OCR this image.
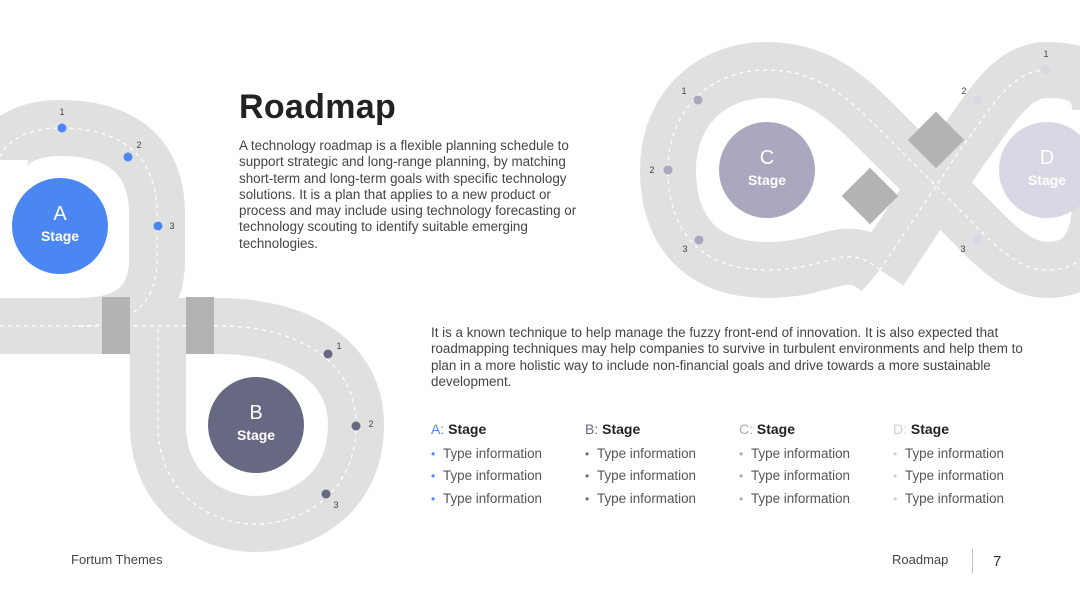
A
Stage
B
Stage
C
Stage
D
Stage
1
2
3
1
2
3
1
2
3
1
2
3
Roadmap
A technology roadmap is a flexible planning schedule to support strategic and long-range planning, by matching short-term and long-term goals with specific technology solutions. It is a plan that applies to a new product or process and may include using technology forecasting or technology scouting to identify suitable emerging technologies.
It is a known technique to help manage the fuzzy front-end of innovation. It is also expected that roadmapping techniques may help companies to survive in turbulent environments and help them to plan in a more holistic way to include non-financial goals and drive towards a more sustainable development.
A: Stage
• Type information
• Type information
• Type information
B: Stage
• Type information
• Type information
• Type information
C: Stage
• Type information
• Type information
• Type information
D: Stage
• Type information
• Type information
• Type information
Fortum Themes	Roadmap	7
